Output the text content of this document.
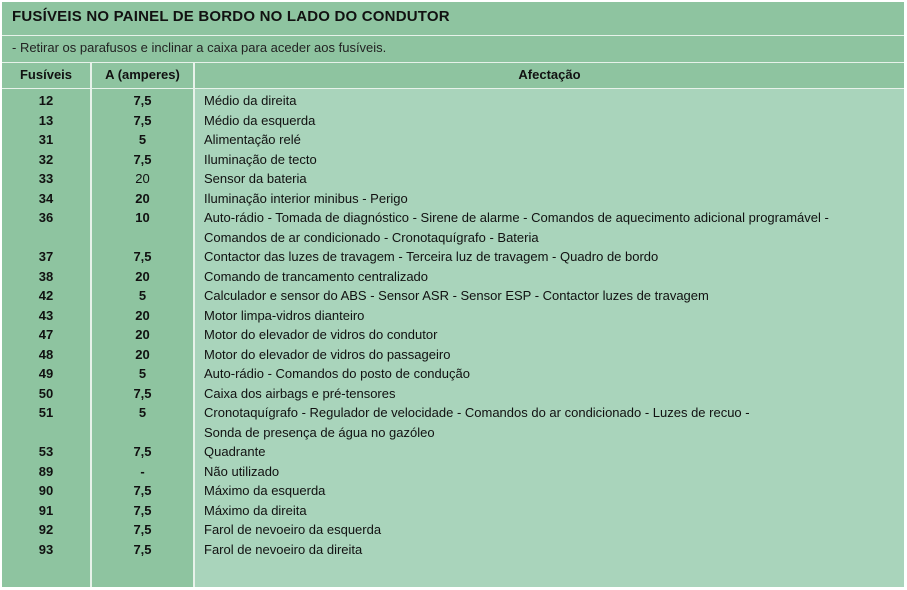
FUSÍVEIS NO PAINEL DE BORDO NO LADO DO CONDUTOR
- Retirar os parafusos e inclinar a caixa para aceder aos fusíveis.
Fusíveis	A (amperes)	Afectação
12	7,5	Médio da direita
13	7,5	Médio da esquerda
31	5	Alimentação relé
32	7,5	Iluminação de tecto
33	20	Sensor da bateria
34	20	Iluminação interior minibus - Perigo
36	10	Auto-rádio - Tomada de diagnóstico - Sirene de alarme - Comandos de aquecimento adicional programável -
Comandos de ar condicionado - Cronotaquígrafo - Bateria
37	7,5	Contactor das luzes de travagem - Terceira luz de travagem - Quadro de bordo
38	20	Comando de trancamento centralizado
42	5	Calculador e sensor do ABS - Sensor ASR - Sensor ESP - Contactor luzes de travagem
43	20	Motor limpa-vidros dianteiro
47	20	Motor do elevador de vidros do condutor
48	20	Motor do elevador de vidros do passageiro
49	5	Auto-rádio - Comandos do posto de condução
50	7,5	Caixa dos airbags e pré-tensores
51	5	Cronotaquígrafo - Regulador de velocidade - Comandos do ar condicionado - Luzes de recuo -
Sonda de presença de água no gazóleo
53	7,5	Quadrante
89	-	Não utilizado
90	7,5	Máximo da esquerda
91	7,5	Máximo da direita
92	7,5	Farol de nevoeiro da esquerda
93	7,5	Farol de nevoeiro da direita
